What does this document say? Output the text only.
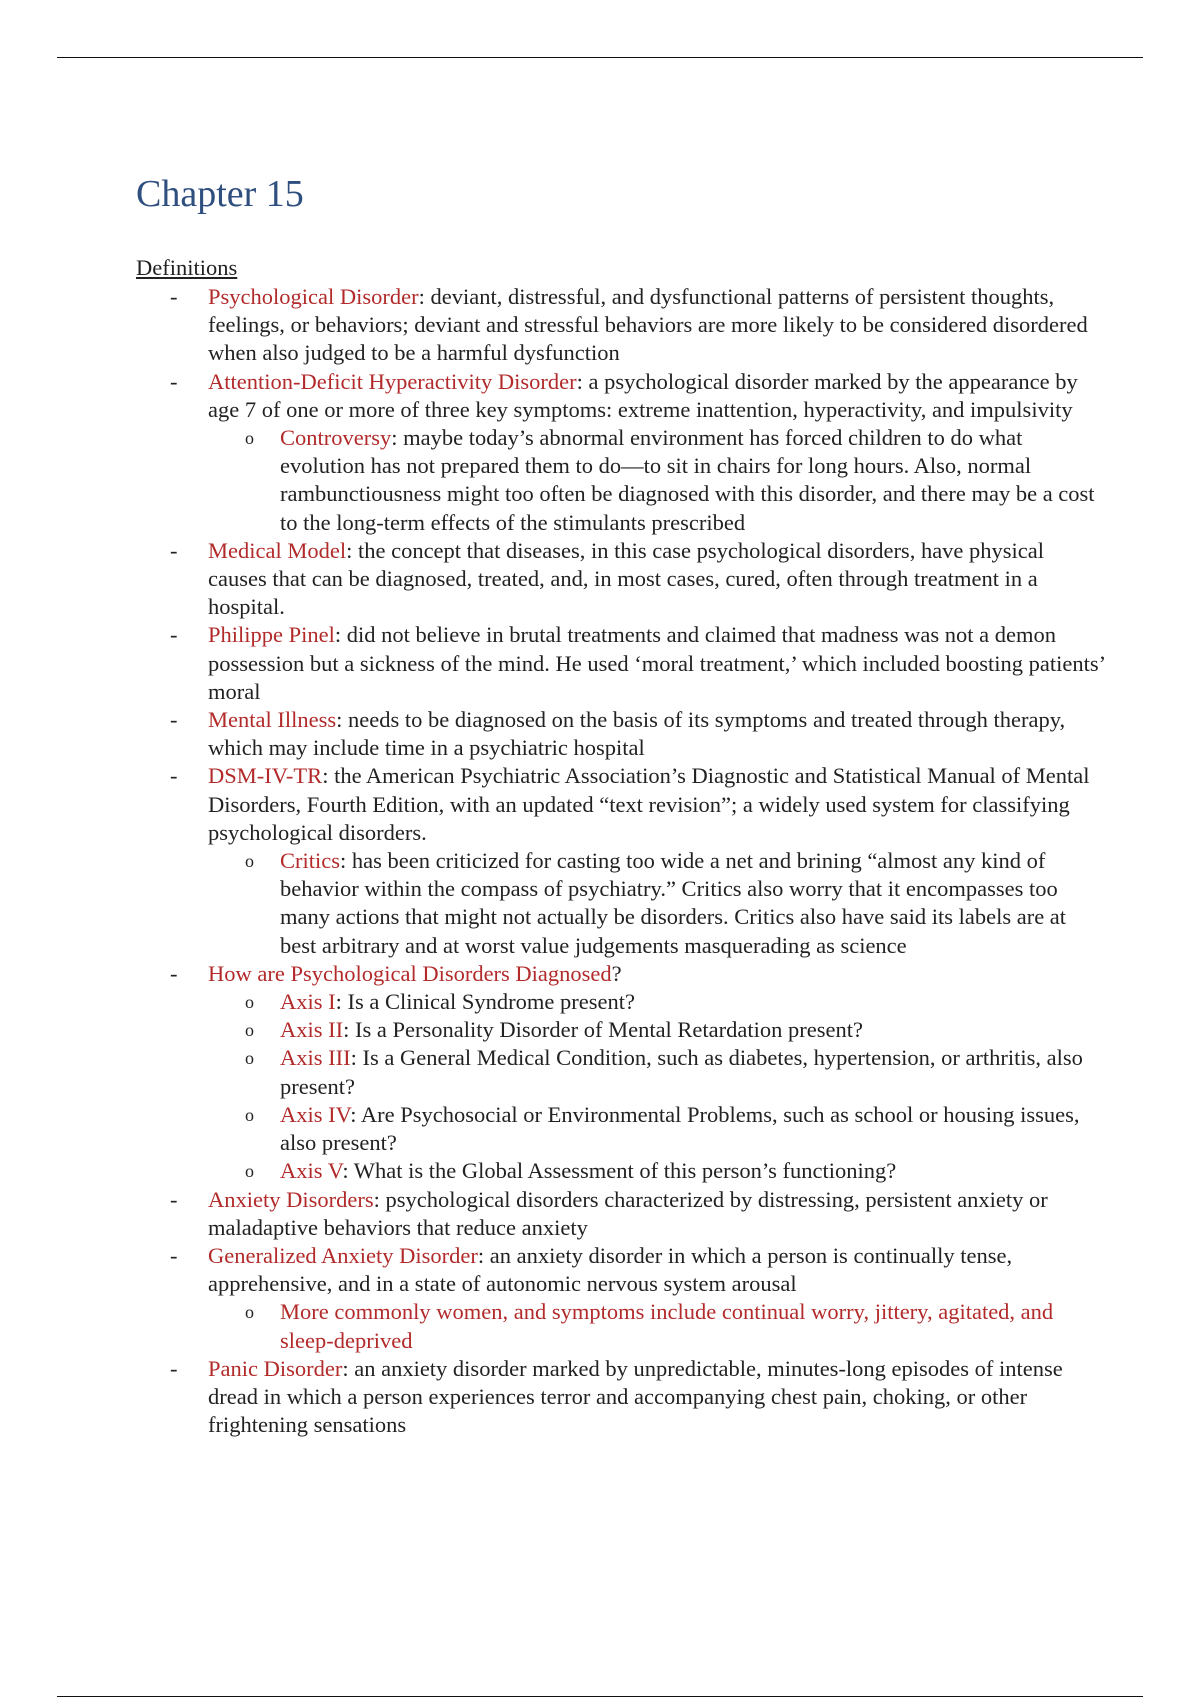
Chapter 15
Definitions
- Psychological Disorder: deviant, distressful, and dysfunctional patterns of persistent thoughts, feelings, or behaviors; deviant and stressful behaviors are more likely to be considered disordered when also judged to be a harmful dysfunction
- Attention-Deficit Hyperactivity Disorder: a psychological disorder marked by the appearance by age 7 of one or more of three key symptoms: extreme inattention, hyperactivity, and impulsivity
o Controversy: maybe today’s abnormal environment has forced children to do what evolution has not prepared them to do—to sit in chairs for long hours. Also, normal rambunctiousness might too often be diagnosed with this disorder, and there may be a cost to the long-term effects of the stimulants prescribed
- Medical Model: the concept that diseases, in this case psychological disorders, have physical causes that can be diagnosed, treated, and, in most cases, cured, often through treatment in a hospital.
- Philippe Pinel: did not believe in brutal treatments and claimed that madness was not a demon possession but a sickness of the mind. He used ‘moral treatment,’ which included boosting patients’ moral
- Mental Illness: needs to be diagnosed on the basis of its symptoms and treated through therapy, which may include time in a psychiatric hospital
- DSM-IV-TR: the American Psychiatric Association’s Diagnostic and Statistical Manual of Mental Disorders, Fourth Edition, with an updated “text revision”; a widely used system for classifying psychological disorders.
o Critics: has been criticized for casting too wide a net and brining “almost any kind of behavior within the compass of psychiatry.” Critics also worry that it encompasses too many actions that might not actually be disorders. Critics also have said its labels are at best arbitrary and at worst value judgements masquerading as science
- How are Psychological Disorders Diagnosed?
o Axis I: Is a Clinical Syndrome present?
o Axis II: Is a Personality Disorder of Mental Retardation present?
o Axis III: Is a General Medical Condition, such as diabetes, hypertension, or arthritis, also present?
o Axis IV: Are Psychosocial or Environmental Problems, such as school or housing issues, also present?
o Axis V: What is the Global Assessment of this person’s functioning?
- Anxiety Disorders: psychological disorders characterized by distressing, persistent anxiety or maladaptive behaviors that reduce anxiety
- Generalized Anxiety Disorder: an anxiety disorder in which a person is continually tense, apprehensive, and in a state of autonomic nervous system arousal
o More commonly women, and symptoms include continual worry, jittery, agitated, and sleep-deprived
- Panic Disorder: an anxiety disorder marked by unpredictable, minutes-long episodes of intense dread in which a person experiences terror and accompanying chest pain, choking, or other frightening sensations
